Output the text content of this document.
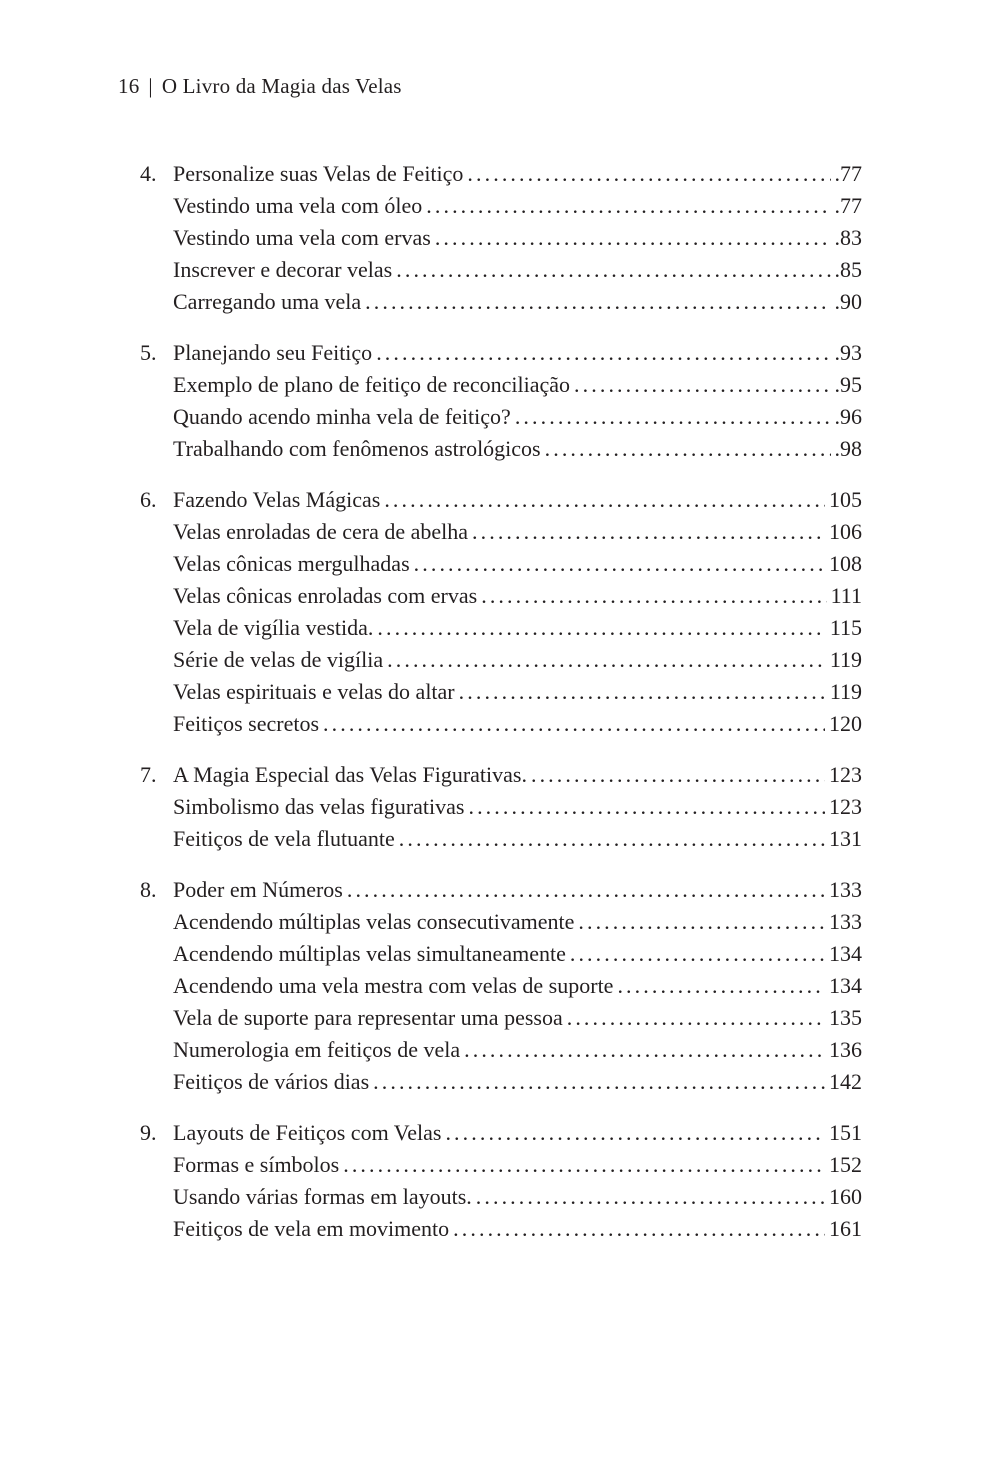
16 | O Livro da Magia das Velas
4. Personalize suas Velas de Feitiço . . .	.77
Vestindo uma vela com óleo . . .	.77
Vestindo uma vela com ervas . . .	.83
Inscrever e decorar velas . . .	.85
Carregando uma vela . . .	.90
5. Planejando seu Feitiço . . .	.93
Exemplo de plano de feitiço de reconciliação . . .	.95
Quando acendo minha vela de feitiço? . . .	.96
Trabalhando com fenômenos astrológicos . . .	.98
6. Fazendo Velas Mágicas . . .	105
Velas enroladas de cera de abelha . . .	106
Velas cônicas mergulhadas . . .	108
Velas cônicas enroladas com ervas . . .	111
Vela de vigília vestida. . . .	115
Série de velas de vigília . . .	119
Velas espirituais e velas do altar . . .	119
Feitiços secretos . . .	120
7. A Magia Especial das Velas Figurativas. . . .	123
Simbolismo das velas figurativas . . .	123
Feitiços de vela flutuante . . .	131
8. Poder em Números . . .	133
Acendendo múltiplas velas consecutivamente . . .	133
Acendendo múltiplas velas simultaneamente . . .	134
Acendendo uma vela mestra com velas de suporte . . .	134
Vela de suporte para representar uma pessoa . . .	135
Numerologia em feitiços de vela . . .	136
Feitiços de vários dias . . .	142
9. Layouts de Feitiços com Velas . . .	151
Formas e símbolos . . .	152
Usando várias formas em layouts. . . .	160
Feitiços de vela em movimento . . .	161
